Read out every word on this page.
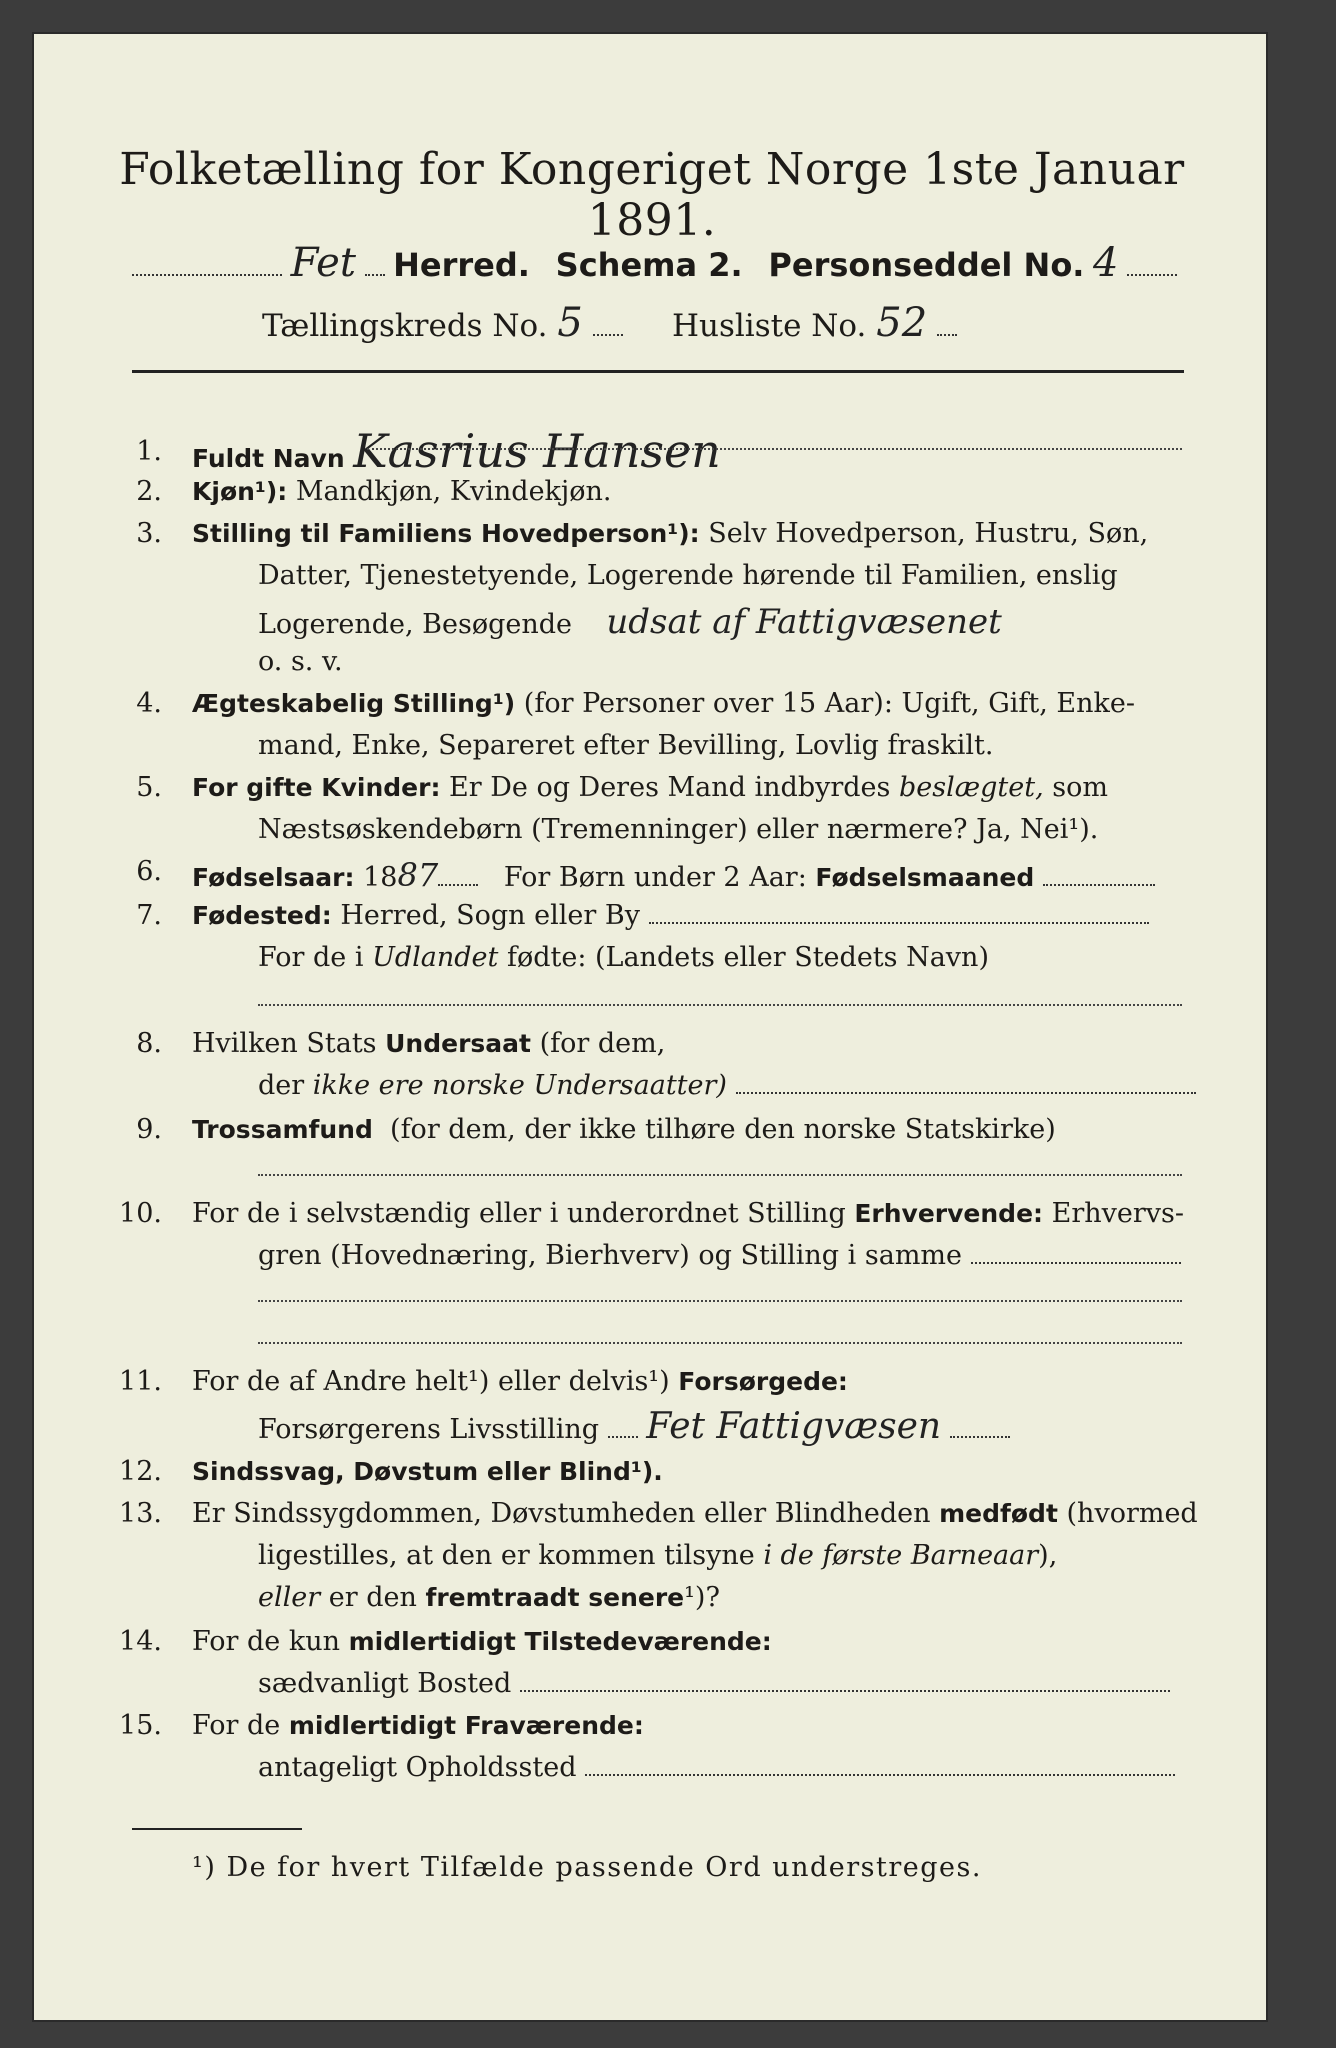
Folketælling for Kongeriget Norge 1ste Januar 1891.
Fet Herred. Schema 2. Personseddel No. 4
Tællingskreds No. 5	Husliste No. 52
1. Fuldt Navn Kasrius Hansen
2. Kjøn¹): Mandkjøn, Kvindekjøn.
3. Stilling til Familiens Hovedperson¹): Selv Hovedperson, Hustru, Søn,
Datter, Tjenestetyende, Logerende hørende til Familien, enslig
Logerende, Besøgende udsat af Fattigvæsenet
o. s. v.
4. Ægteskabelig Stilling¹) (for Personer over 15 Aar): Ugift, Gift, Enke-
mand, Enke, Separeret efter Bevilling, Lovlig fraskilt.
5. For gifte Kvinder: Er De og Deres Mand indbyrdes beslægtet, som
Næstsøskendebørn (Tremenninger) eller nærmere? Ja, Nei¹).
6. Fødselsaar: 1887 For Børn under 2 Aar: Fødselsmaaned
7. Fødested: Herred, Sogn eller By
For de i Udlandet fødte: (Landets eller Stedets Navn)
8. Hvilken Stats Undersaat (for dem,
der ikke ere norske Undersaatter)
9. Trossamfund (for dem, der ikke tilhøre den norske Statskirke)
10. For de i selvstændig eller i underordnet Stilling Erhvervende: Erhvervs-
gren (Hovednæring, Bierhverv) og Stilling i samme
11. For de af Andre helt¹) eller delvis¹) Forsørgede:
Forsørgerens Livsstilling Fet Fattigvæsen
12. Sindssvag, Døvstum eller Blind¹).
13. Er Sindssygdommen, Døvstumheden eller Blindheden medfødt (hvormed
ligestilles, at den er kommen tilsyne i de første Barneaar),
eller er den fremtraadt senere¹)?
14. For de kun midlertidigt Tilstedeværende:
sædvanligt Bosted
15. For de midlertidigt Fraværende:
antageligt Opholdssted
¹) De for hvert Tilfælde passende Ord understreges.
